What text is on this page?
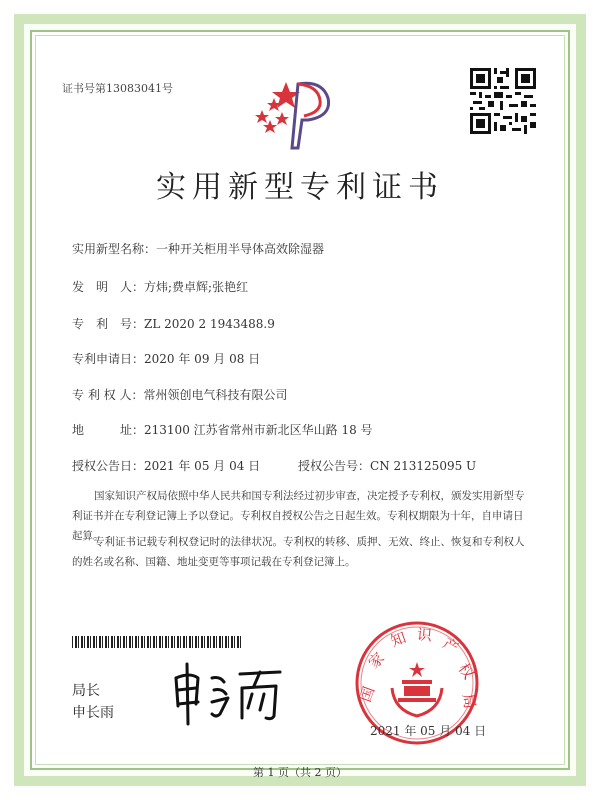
证书号第13083041号
实用新型专利证书
实用新型名称：一种开关柜用半导体高效除湿器
发　明　人：方炜;费卓辉;张艳红
专　利　号：ZL 2020 2 1943488.9
专利申请日：2020 年 09 月 08 日
专 利 权 人：常州领创电气科技有限公司
地　　　址：213100 江苏省常州市新北区华山路 18 号
授权公告日：2021 年 05 月 04 日	授权公告号：CN 213125095 U
国家知识产权局依照中华人民共和国专利法经过初步审查，决定授予专利权，颁发实用新型专利证书并在专利登记簿上予以登记。专利权自授权公告之日起生效。专利权期限为十年，自申请日起算。
专利证书记载专利权登记时的法律状况。专利权的转移、质押、无效、终止、恢复和专利权人的姓名或名称、国籍、地址变更等事项记载在专利登记簿上。
局长
申长雨
国
家
知 识 产
权
局
2021 年 05 月 04 日
第 1 页（共 2 页）
